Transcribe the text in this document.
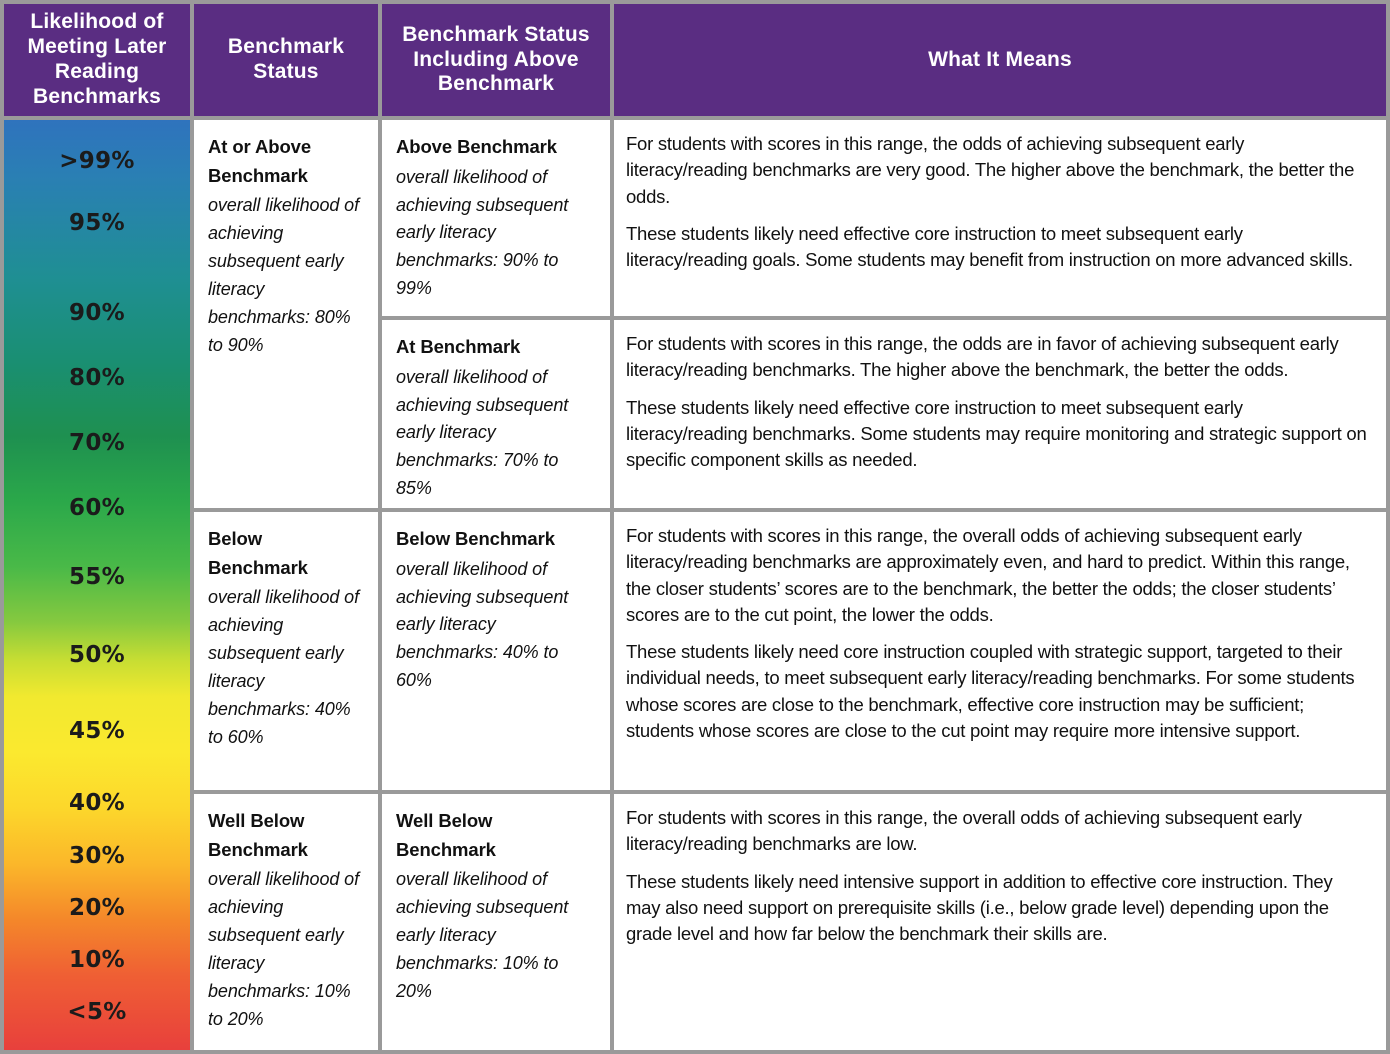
Likelihood of
Meeting Later
Reading
Benchmarks
Benchmark
Status
Benchmark Status
Including Above
Benchmark
What It Means
>99%
95%
90%
80%
70%
60%
55%
50%
45%
40%
30%
20%
10%
<5%
At or Above Benchmark
overall likelihood of achieving subsequent early literacy benchmarks: 80% to 90%
Below Benchmark
overall likelihood of achieving subsequent early literacy benchmarks: 40% to 60%
Well Below Benchmark
overall likelihood of achieving subsequent early literacy benchmarks: 10% to 20%
Above Benchmark
overall likelihood of achieving subsequent early literacy benchmarks: 90% to 99%
At Benchmark
overall likelihood of achieving subsequent early literacy benchmarks: 70% to 85%
Below Benchmark
overall likelihood of achieving subsequent early literacy benchmarks: 40% to 60%
Well Below Benchmark
overall likelihood of achieving subsequent early literacy benchmarks: 10% to 20%

For students with scores in this range, the odds of achieving subsequent early literacy/reading benchmarks are very good. The higher above the benchmark, the better the odds.

These students likely need effective core instruction to meet subsequent early literacy/reading goals. Some students may benefit from instruction on more advanced skills.

For students with scores in this range, the odds are in favor of achieving subsequent early literacy/reading benchmarks. The higher above the benchmark, the better the odds.

These students likely need effective core instruction to meet subsequent early literacy/reading benchmarks. Some students may require monitoring and strategic support on specific component skills as needed.

For students with scores in this range, the overall odds of achieving subsequent early literacy/reading benchmarks are approximately even, and hard to predict. Within this range, the closer students’ scores are to the benchmark, the better the odds; the closer students’ scores are to the cut point, the lower the odds.

These students likely need core instruction coupled with strategic support, targeted to their individual needs, to meet subsequent early literacy/reading benchmarks. For some students whose scores are close to the benchmark, effective core instruction may be sufficient; students whose scores are close to the cut point may require more intensive support.

For students with scores in this range, the overall odds of achieving subsequent early literacy/reading benchmarks are low.

These students likely need intensive support in addition to effective core instruction. They may also need support on prerequisite skills (i.e., below grade level) depending upon the grade level and how far below the benchmark their skills are.
